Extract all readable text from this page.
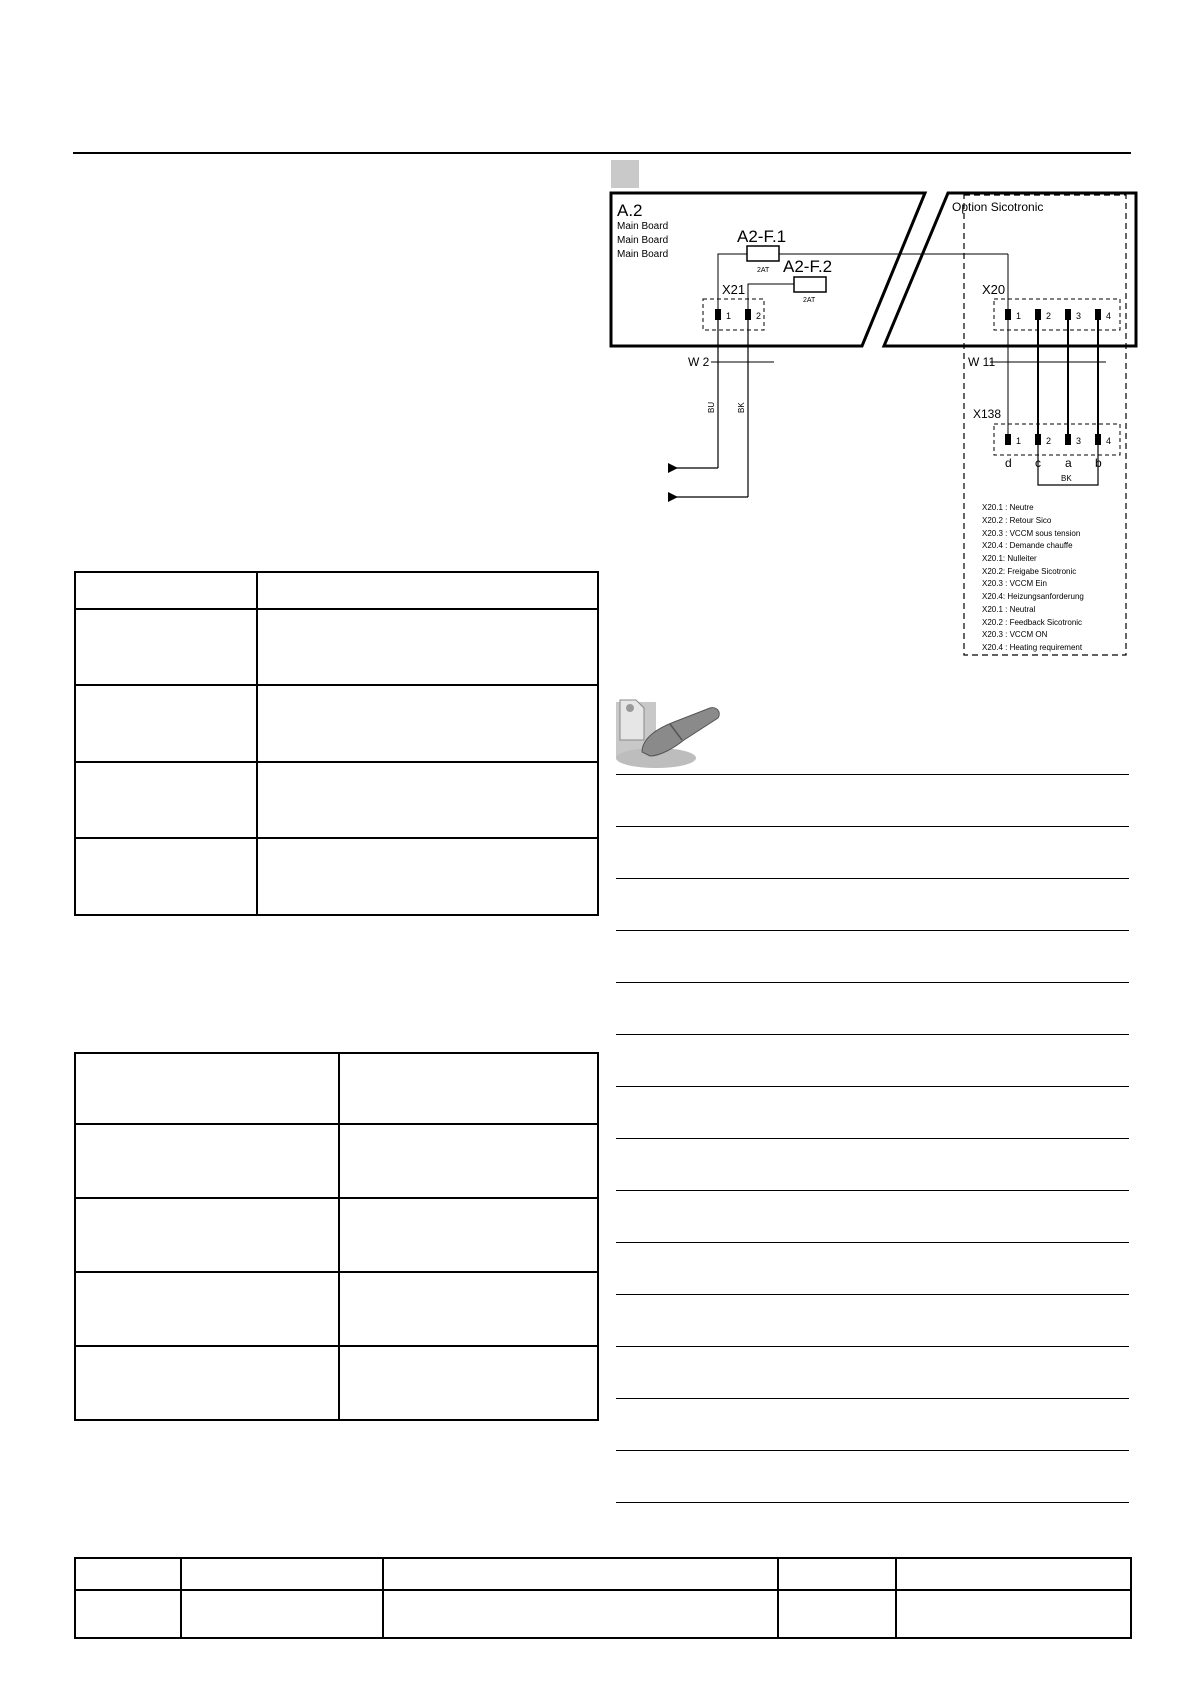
A.2
Main Board
Main Board
Main Board
A2-F.1
2AT A2-F.2
2AT
X21
1	2
W 2
BU	BK
Option Sicotronic
X20
1	2	3	4
W 11
X138
1	2	3	4
d c a b
BK
X20.1 : Neutre
X20.2 : Retour Sico
X20.3 : VCCM sous tension
X20.4 : Demande chauffe
X20.1: Nulleiter
X20.2: Freigabe Sicotronic
X20.3 : VCCM Ein
X20.4: Heizungsanforderung
X20.1 : Neutral
X20.2 : Feedback Sicotronic
X20.3 : VCCM ON
X20.4 : Heating requirement
